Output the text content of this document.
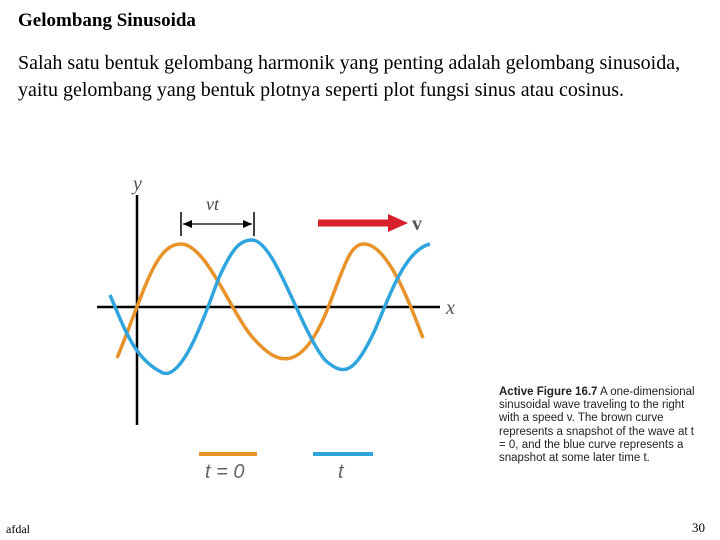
Gelombang Sinusoida
Salah satu bentuk gelombang harmonik yang penting adalah gelombang sinusoida, yaitu gelombang yang bentuk plotnya seperti plot fungsi sinus atau cosinus.
y
x
vt
v
t = 0	t
Active Figure 16.7 A one-dimensional sinusoidal wave traveling to the right with a speed v. The brown curve represents a snapshot of the wave at t = 0, and the blue curve represents a snapshot at some later time t.
afdal	30
